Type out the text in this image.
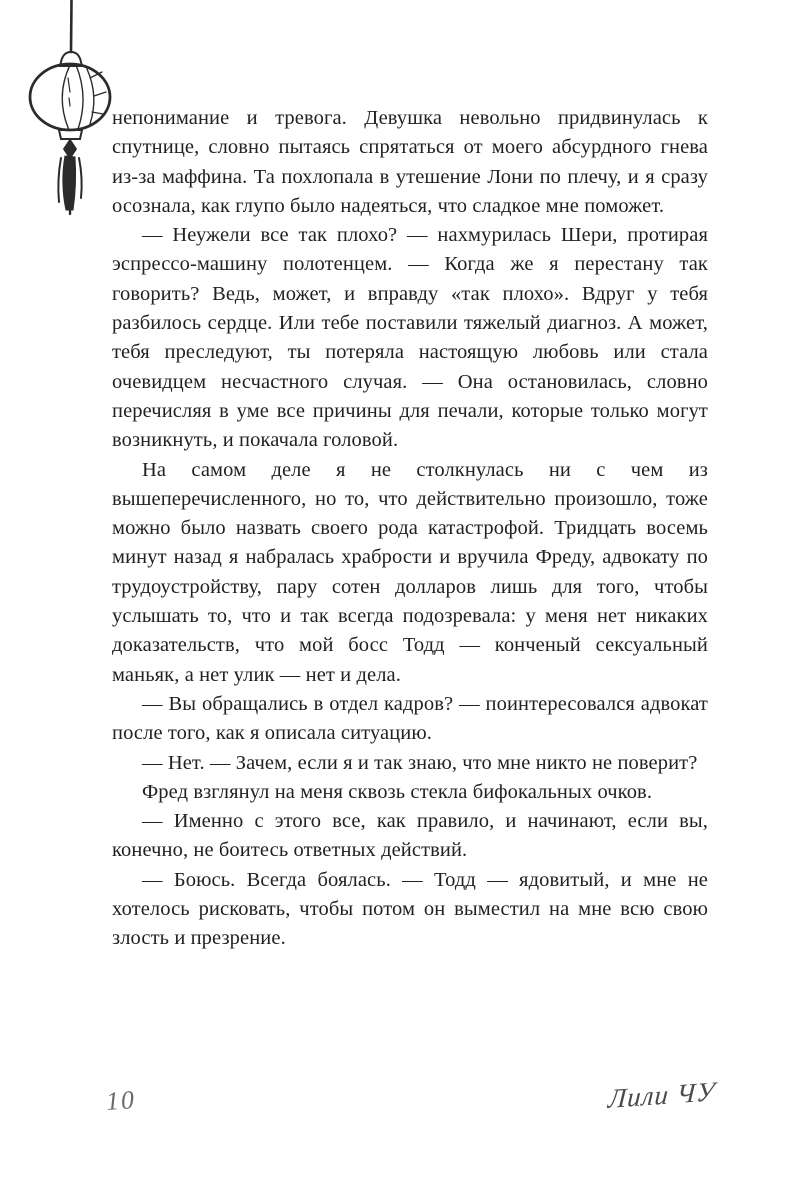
непонимание и тревога. Девушка невольно придвинулась к спутнице, словно пытаясь спрятаться от моего абсурдного гнева из-за маффина. Та похлопала в утешение Лони по плечу, и я сразу осознала, как глупо было надеяться, что сладкое мне поможет.

— Неужели все так плохо? — нахмурилась Шери, протирая эспрессо-машину полотенцем. — Когда же я перестану так говорить? Ведь, может, и вправду «так плохо». Вдруг у тебя разбилось сердце. Или тебе поставили тяжелый диагноз. А может, тебя преследуют, ты потеряла настоящую любовь или стала очевидцем несчастного случая. — Она остановилась, словно перечисляя в уме все причины для печали, которые только могут возникнуть, и покачала головой.

На самом деле я не столкнулась ни с чем из вышеперечисленного, но то, что действительно произошло, тоже можно было назвать своего рода катастрофой. Тридцать восемь минут назад я набралась храбрости и вручила Фреду, адвокату по трудоустройству, пару сотен долларов лишь для того, чтобы услышать то, что и так всегда подозревала: у меня нет никаких доказательств, что мой босс Тодд — конченый сексуальный маньяк, а нет улик — нет и дела.

— Вы обращались в отдел кадров? — поинтересовался адвокат после того, как я описала ситуацию.

— Нет. — Зачем, если я и так знаю, что мне никто не поверит?

Фред взглянул на меня сквозь стекла бифокальных очков.

— Именно с этого все, как правило, и начинают, если вы, конечно, не боитесь ответных действий.

— Боюсь. Всегда боялась. — Тодд — ядовитый, и мне не хотелось рисковать, чтобы потом он выместил на мне всю свою злость и презрение.

10	Лили ЧУ
